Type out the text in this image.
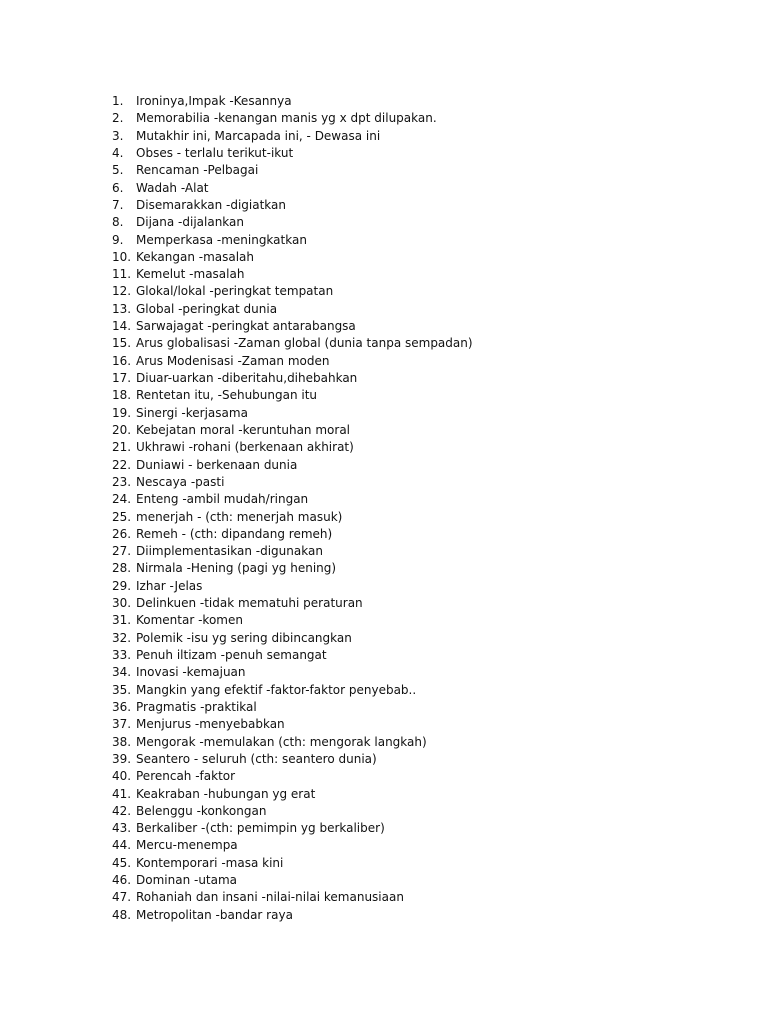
1.	Ironinya,Impak -Kesannya
2.	Memorabilia -kenangan manis yg x dpt dilupakan.
3.	Mutakhir ini, Marcapada ini, - Dewasa ini
4.	Obses - terlalu terikut-ikut
5.	Rencaman -Pelbagai
6.	Wadah -Alat
7.	Disemarakkan -digiatkan
8.	Dijana -dijalankan
9.	Memperkasa -meningkatkan
10. Kekangan -masalah
11. Kemelut -masalah
12. Glokal/lokal -peringkat tempatan
13. Global -peringkat dunia
14. Sarwajagat -peringkat antarabangsa
15. Arus globalisasi -Zaman global (dunia tanpa sempadan)
16. Arus Modenisasi -Zaman moden
17. Diuar-uarkan -diberitahu,dihebahkan
18. Rentetan itu, -Sehubungan itu
19. Sinergi -kerjasama
20. Kebejatan moral -keruntuhan moral
21. Ukhrawi -rohani (berkenaan akhirat)
22. Duniawi - berkenaan dunia
23. Nescaya -pasti
24. Enteng -ambil mudah/ringan
25. menerjah - (cth: menerjah masuk)
26. Remeh - (cth: dipandang remeh)
27. Diimplementasikan -digunakan
28. Nirmala -Hening (pagi yg hening)
29. Izhar -Jelas
30. Delinkuen -tidak mematuhi peraturan
31. Komentar -komen
32. Polemik -isu yg sering dibincangkan
33. Penuh iltizam -penuh semangat
34. Inovasi -kemajuan
35. Mangkin yang efektif -faktor-faktor penyebab..
36. Pragmatis -praktikal
37. Menjurus -menyebabkan
38. Mengorak -memulakan (cth: mengorak langkah)
39. Seantero - seluruh (cth: seantero dunia)
40. Perencah -faktor
41. Keakraban -hubungan yg erat
42. Belenggu -konkongan
43. Berkaliber -(cth: pemimpin yg berkaliber)
44. Mercu-menempa
45. Kontemporari -masa kini
46. Dominan -utama
47. Rohaniah dan insani -nilai-nilai kemanusiaan
48. Metropolitan -bandar raya
